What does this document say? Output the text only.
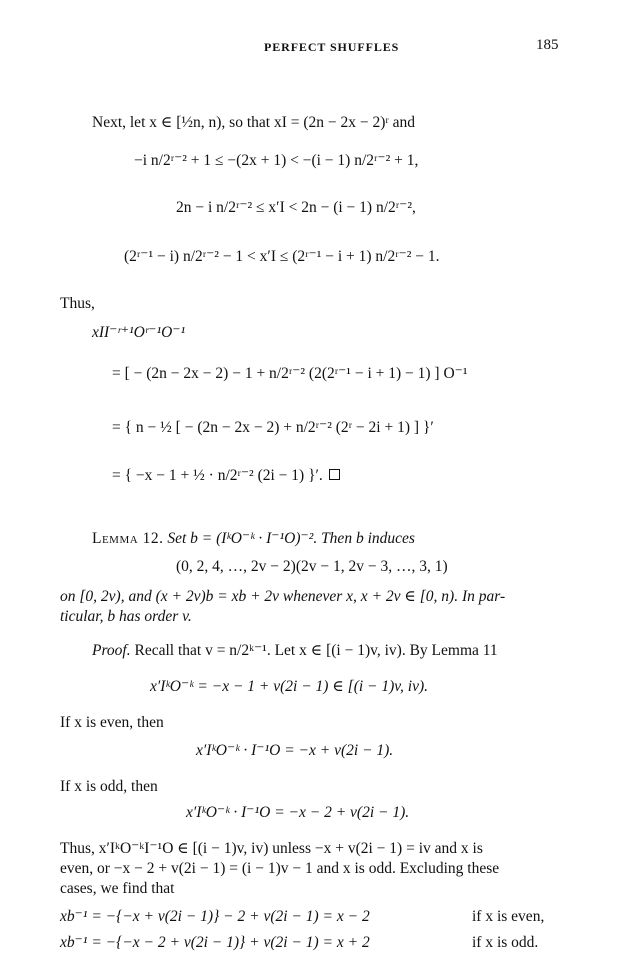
PERFECT SHUFFLES	185
Next, let x ∈ [½n, n), so that xI = (2n − 2x − 2)ʳ and
−i n/2ʳ⁻² + 1 ≤ −(2x + 1) < −(i − 1) n/2ʳ⁻² + 1,
2n − i n/2ʳ⁻² ≤ x′I < 2n − (i − 1) n/2ʳ⁻²,
(2ʳ⁻¹ − i) n/2ʳ⁻² − 1 < x′I ≤ (2ʳ⁻¹ − i + 1) n/2ʳ⁻² − 1.
Thus,
xII⁻ʳ⁺¹Oʳ⁻¹O⁻¹
= [ − (2n − 2x − 2) − 1 + n/2ʳ⁻² (2(2ʳ⁻¹ − i + 1) − 1) ] O⁻¹
= { n − ½ [ − (2n − 2x − 2) + n/2ʳ⁻² (2ʳ − 2i + 1) ] }′
= { −x − 1 + ½ · n/2ʳ⁻² (2i − 1) }′.
Lemma 12. Set b = (IᵏO⁻ᵏ · I⁻¹O)⁻². Then b induces
(0, 2, 4, …, 2v − 2)(2v − 1, 2v − 3, …, 3, 1)
on [0, 2v), and (x + 2v)b = xb + 2v whenever x, x + 2v ∈ [0, n). In par-
ticular, b has order v.
Proof. Recall that v = n/2ᵏ⁻¹. Let x ∈ [(i − 1)v, iv). By Lemma 11
x′IᵏO⁻ᵏ = −x − 1 + v(2i − 1) ∈ [(i − 1)v, iv).
If x is even, then
x′IᵏO⁻ᵏ · I⁻¹O = −x + v(2i − 1).
If x is odd, then
x′IᵏO⁻ᵏ · I⁻¹O = −x − 2 + v(2i − 1).
Thus, x′IᵏO⁻ᵏI⁻¹O ∈ [(i − 1)v, iv) unless −x + v(2i − 1) = iv and x is
even, or −x − 2 + v(2i − 1) = (i − 1)v − 1 and x is odd. Excluding these
cases, we find that
xb⁻¹ = −{−x + v(2i − 1)} − 2 + v(2i − 1) = x − 2	if x is even,
xb⁻¹ = −{−x − 2 + v(2i − 1)} + v(2i − 1) = x + 2	if x is odd.
